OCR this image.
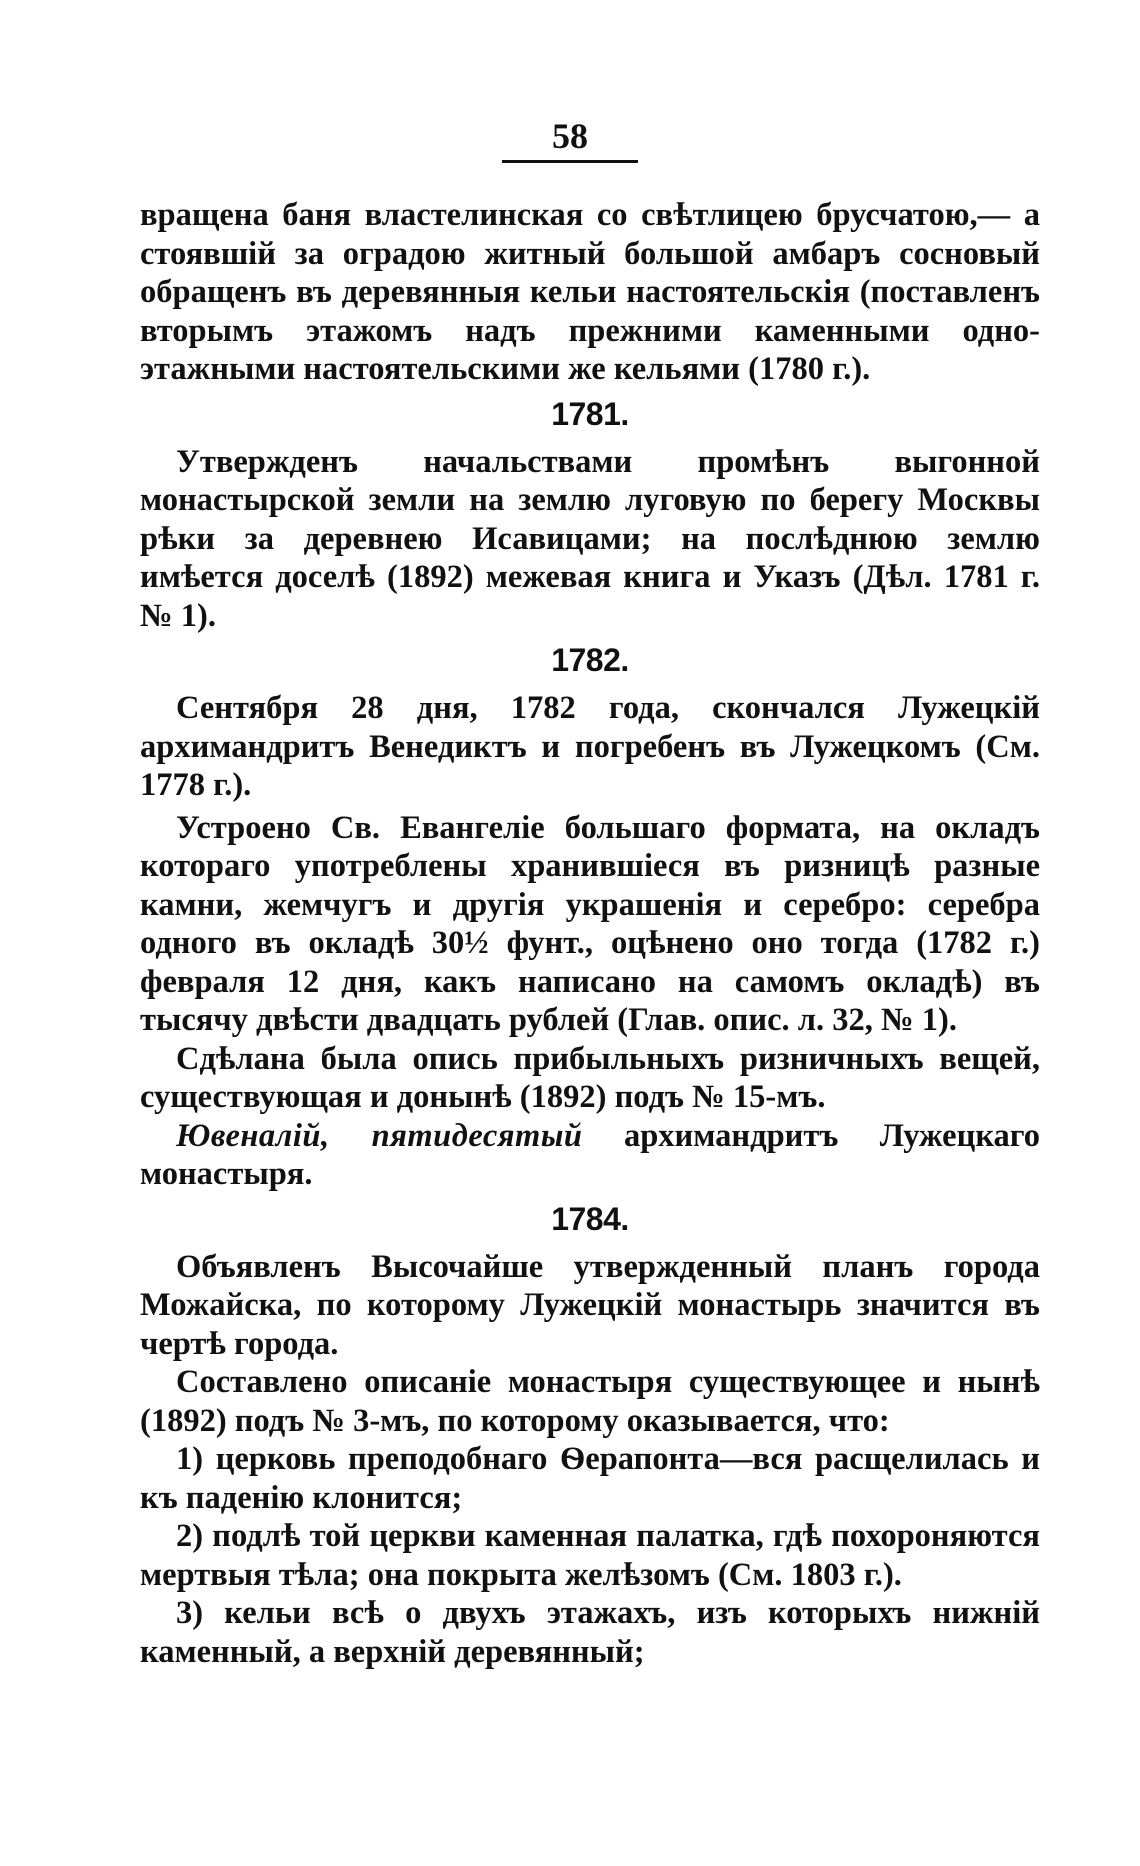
58

вращена баня властелинская со свѣтлицею брусчатою,— а стоявшій за оградою житный большой амбаръ сосновый обращенъ въ деревянныя кельи настоятельскія (поставленъ вторымъ этажомъ надъ прежними каменными одно-этажными настоятельскими же кельями (1780 г.).

1781.

Утвержденъ начальствами промѣнъ выгонной монастырской земли на землю луговую по берегу Москвы рѣки за деревнею Исавицами; на послѣднюю землю имѣется доселѣ (1892) межевая книга и Указъ (Дѣл. 1781 г. № 1).

1782.

Сентября 28 дня, 1782 года, скончался Лужецкій архимандритъ Венедиктъ и погребенъ въ Лужецкомъ (См. 1778 г.).

Устроено Св. Евангеліе большаго формата, на окладъ котораго употреблены хранившіеся въ ризницѣ разные камни, жемчугъ и другія украшенія и серебро: серебра одного въ окладѣ 30½ фунт., оцѣнено оно тогда (1782 г.) февраля 12 дня, какъ написано на самомъ окладѣ) въ тысячу двѣсти двадцать рублей (Глав. опис. л. 32, № 1).

Сдѣлана была опись прибыльныхъ ризничныхъ вещей, существующая и донынѣ (1892) подъ № 15-мъ.

Ювеналій, пятидесятый архимандритъ Лужецкаго монастыря.

1784.

Объявленъ Высочайше утвержденный планъ города Можайска, по которому Лужецкій монастырь значится въ чертѣ города.

Составлено описаніе монастыря существующее и нынѣ (1892) подъ № 3-мъ, по которому оказывается, что:

1) церковь преподобнаго Ѳерапонта—вся расщелилась и къ паденію клонится;

2) подлѣ той церкви каменная палатка, гдѣ похороняются мертвыя тѣла; она покрыта желѣзомъ (См. 1803 г.).

3) кельи всѣ о двухъ этажахъ, изъ которыхъ нижній каменный, а верхній деревянный;
